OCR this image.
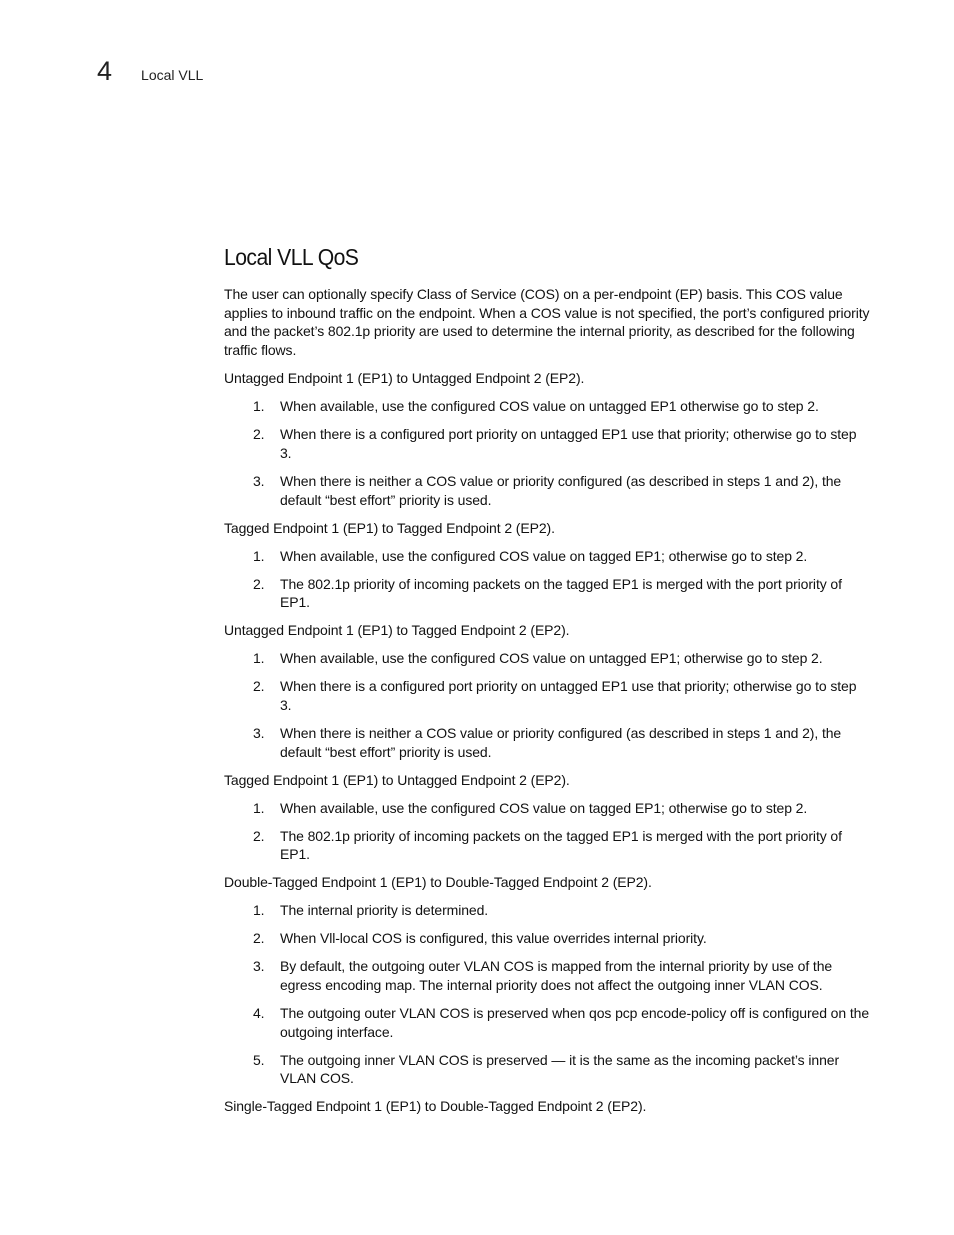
4 Local VLL
Local VLL QoS

The user can optionally specify Class of Service (COS) on a per-endpoint (EP) basis. This COS value applies to inbound traffic on the endpoint. When a COS value is not specified, the port’s configured priority and the packet’s 802.1p priority are used to determine the internal priority, as described for the following traffic flows.

Untagged Endpoint 1 (EP1) to Untagged Endpoint 2 (EP2).

1. When available, use the configured COS value on untagged EP1 otherwise go to step 2.
2. When there is a configured port priority on untagged EP1 use that priority; otherwise go to step 3.
3. When there is neither a COS value or priority configured (as described in steps 1 and 2), the default “best effort” priority is used.

Tagged Endpoint 1 (EP1) to Tagged Endpoint 2 (EP2).

1. When available, use the configured COS value on tagged EP1; otherwise go to step 2.
2. The 802.1p priority of incoming packets on the tagged EP1 is merged with the port priority of EP1.

Untagged Endpoint 1 (EP1) to Tagged Endpoint 2 (EP2).

1. When available, use the configured COS value on untagged EP1; otherwise go to step 2.
2. When there is a configured port priority on untagged EP1 use that priority; otherwise go to step 3.
3. When there is neither a COS value or priority configured (as described in steps 1 and 2), the default “best effort” priority is used.

Tagged Endpoint 1 (EP1) to Untagged Endpoint 2 (EP2).

1. When available, use the configured COS value on tagged EP1; otherwise go to step 2.
2. The 802.1p priority of incoming packets on the tagged EP1 is merged with the port priority of EP1.

Double-Tagged Endpoint 1 (EP1) to Double-Tagged Endpoint 2 (EP2).

1. The internal priority is determined.
2. When Vll-local COS is configured, this value overrides internal priority.
3. By default, the outgoing outer VLAN COS is mapped from the internal priority by use of the egress encoding map. The internal priority does not affect the outgoing inner VLAN COS.
4. The outgoing outer VLAN COS is preserved when qos pcp encode-policy off is configured on the outgoing interface.
5. The outgoing inner VLAN COS is preserved — it is the same as the incoming packet’s inner VLAN COS.

Single-Tagged Endpoint 1 (EP1) to Double-Tagged Endpoint 2 (EP2).
